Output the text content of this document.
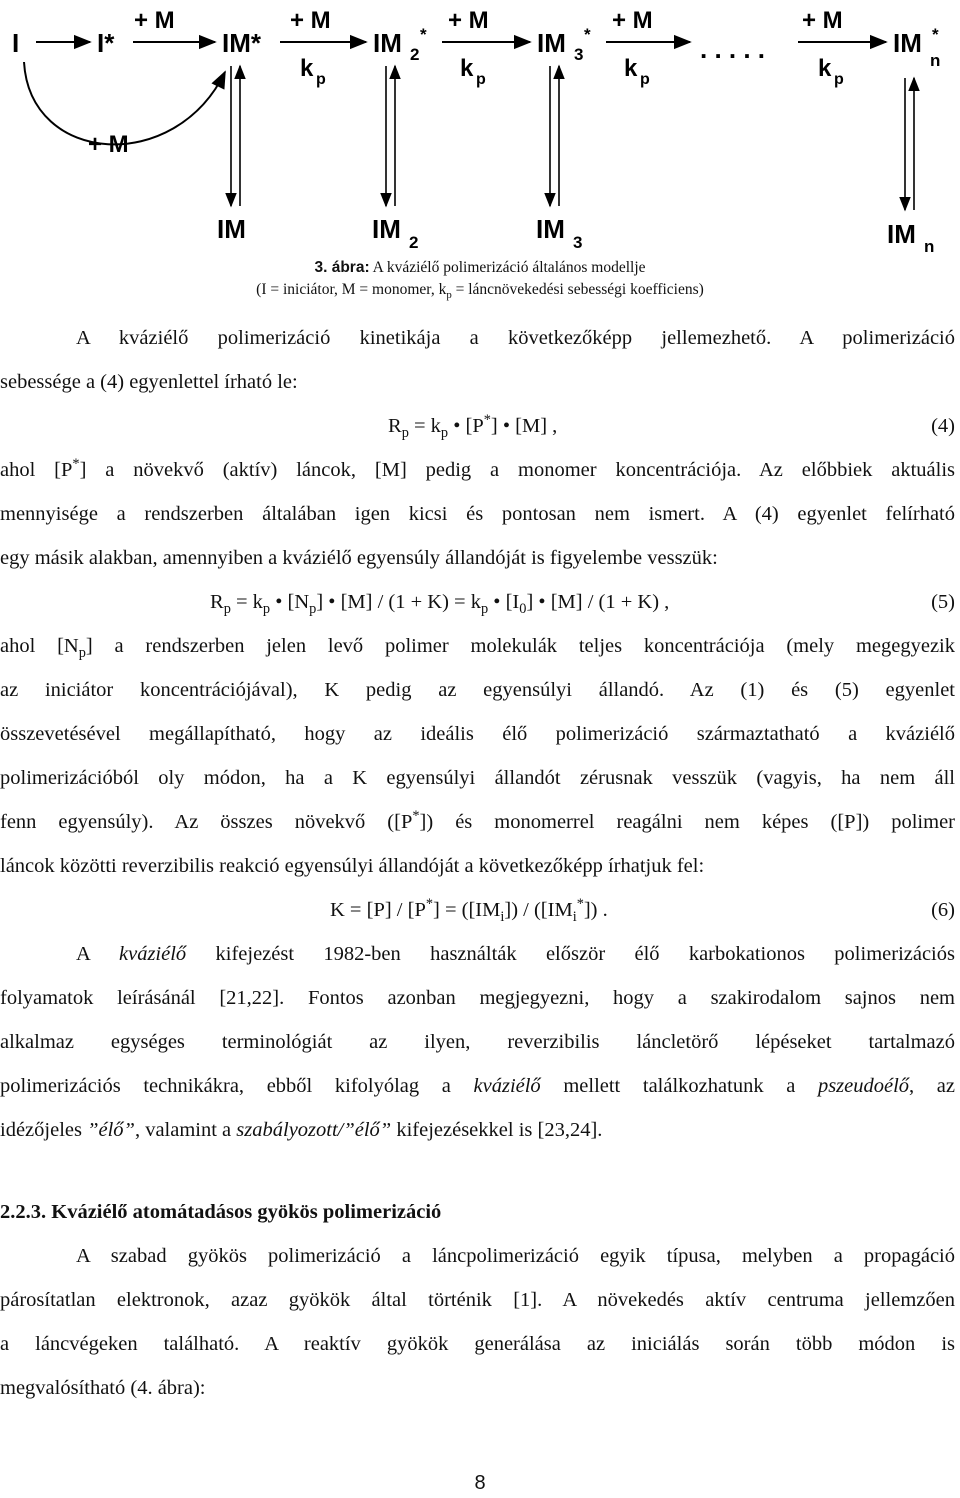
I	I*	IM*	IM 2
*	IM 3
*	. . . . .	IM
n
*
+ M	+ M	+ M	+ M	+ M
k p	k p	k p	k p
+ M
IM	IM 2	IM 3	IM n
3. ábra: A kváziélő polimerizáció általános modellje
(I = iniciátor, M = monomer, $k_p$ = láncnövekedési sebességi koefficiens)
A kváziélő polimerizáció kinetikája a következőképp jellemezhető. A polimerizáció
sebessége a (4) egyenlettel írható le:
$R_p = k_p$ • [P*] • [M] ,	(4)
ahol [P*] a növekvő (aktív) láncok, [M] pedig a monomer koncentrációja. Az előbbiek aktuális
mennyisége a rendszerben általában igen kicsi és pontosan nem ismert. A (4) egyenlet felírható
egy másik alakban, amennyiben a kváziélő egyensúly állandóját is figyelembe vesszük:
$R_p = k_p$ • $[N_p]$ • $[M] / (1 + K) = k_p$ • $[I_0]$ • [M] / (1 + K) ,	(5)
ahol $[N_p]$ a rendszerben jelen levő polimer molekulák teljes koncentrációja (mely megegyezik
az iniciátor koncentrációjával), K pedig az egyensúlyi állandó. Az (1) és (5) egyenlet
összevetésével megállapítható, hogy az ideális élő polimerizáció származtatható a kváziélő
polimerizációból oly módon, ha a K egyensúlyi állandót zérusnak vesszük (vagyis, ha nem áll
fenn egyensúly). Az összes növekvő ([P*]) és monomerrel reagálni nem képes ([P]) polimer
láncok közötti reverzibilis reakció egyensúlyi állandóját a következőképp írhatjuk fel:
$K = [P] / [P^*] = ([IM_i]) / ([IM_i^*])$ .	(6)
A kváziélő kifejezést 1982-ben használták először élő karbokationos polimerizációs
folyamatok leírásánál [21,22]. Fontos azonban megjegyezni, hogy a szakirodalom sajnos nem
alkalmaz egységes terminológiát az ilyen, reverzibilis láncletörő lépéseket tartalmazó
polimerizációs technikákra, ebből kifolyólag a kváziélő mellett találkozhatunk a pszeudoélő, az
idézőjeles ”élő”, valamint a szabályozott/”élő” kifejezésekkel is [23,24].
2.2.3. Kváziélő atomátadásos gyökös polimerizáció
A szabad gyökös polimerizáció a láncpolimerizáció egyik típusa, melyben a propagáció
párosítatlan elektronok, azaz gyökök által történik [1]. A növekedés aktív centruma jellemzően
a láncvégeken található. A reaktív gyökök generálása az iniciálás során több módon is
megvalósítható (4. ábra):
8
